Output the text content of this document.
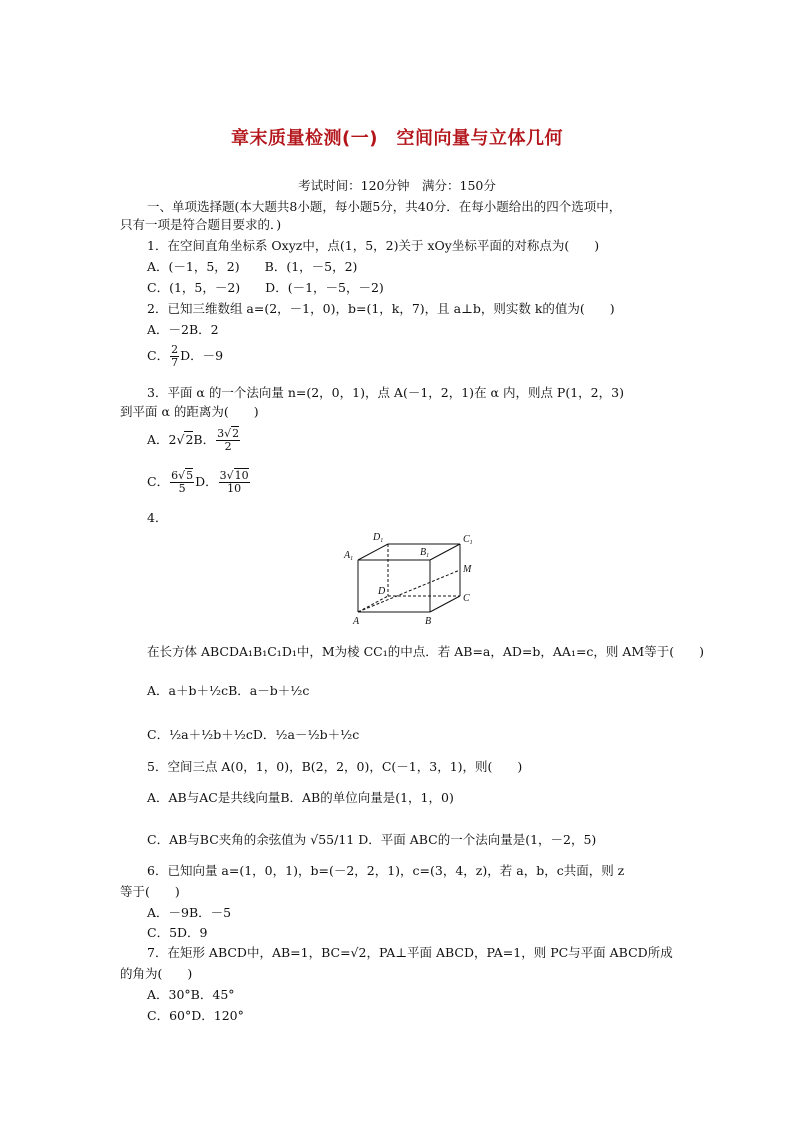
章末质量检测(一)　空间向量与立体几何
考试时间：120分钟　满分：150分
一、单项选择题(本大题共8小题，每小题5分，共40分．在每小题给出的四个选项中，
只有一项是符合题目要求的．)
1．在空间直角坐标系 Oxyz中，点(1，5，2)关于 xOy坐标平面的对称点为(　　)
A．(－1，5，2)　　B．(1，－5，2)
C．(1，5，－2)　　D．(－1，－5，－2)
2．已知三维数组 a=(2，－1，0)，b=(1，k，7)，且 a⊥b，则实数 k的值为(　　)
A．－2B．2
C． $\frac{2}{7}$ D．－9
3．平面 α 的一个法向量 n=(2，0，1)，点 A(－1，2，1)在 α 内，则点 P(1，2，3)
到平面 α 的距离为(　　)
A．2√2B． $\frac{3√2}{2}$
C． $\frac{6√5}{5}$ D． $\frac{3√10}{10}$
4．
$D_1$	$C_1$
$A_1$
$B_1$
M
D
C
A	B
在长方体 ABCDA₁B₁C₁D₁中，M为棱 CC₁的中点．若 AB=a，AD=b，AA₁=c，则 AM等于(　　)
A．a＋b＋½cB．a－b＋½c
C．½a＋½b＋½cD．½a－½b＋½c
5．空间三点 A(0，1，0)，B(2，2，0)，C(－1，3，1)，则(　　)
A．AB与AC是共线向量B．AB的单位向量是(1，1，0)
C．AB与BC夹角的余弦值为 √55/11 D．平面 ABC的一个法向量是(1，－2，5)
6．已知向量 a=(1，0，1)，b=(－2，2，1)，c=(3，4，z)，若 a，b，c共面，则 z
等于(　　)
A．－9B．－5
C．5D．9
7．在矩形 ABCD中，AB=1，BC=√2，PA⊥平面 ABCD，PA=1，则 PC与平面 ABCD所成
的角为(　　)
A．30°B．45°
C．60°D．120°
